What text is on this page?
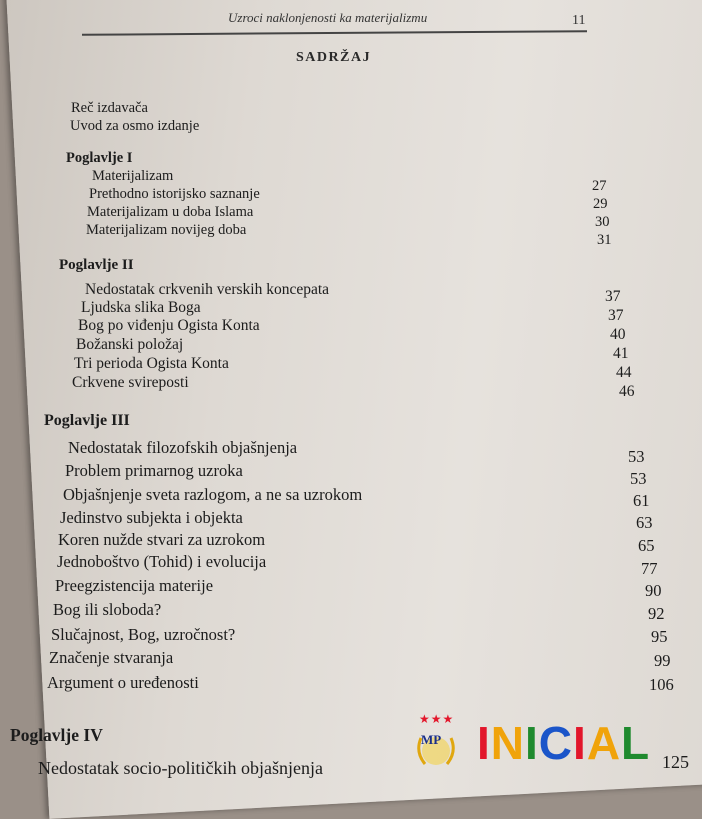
Uzroci naklonjenosti ka materijalizmu	11
SADRŽAJ
Reč izdavača
Uvod za osmo izdanje
Poglavlje I
Materijalizam
Prethodno istorijsko saznanje
Materijalizam u doba Islama
Materijalizam novijeg doba
27
29
30
31
Poglavlje II
Nedostatak crkvenih verskih koncepata
Ljudska slika Boga
Bog po viđenju Ogista Konta
Božanski položaj
Tri perioda Ogista Konta
Crkvene svireposti
37
37
40
41
44
46
Poglavlje III
Nedostatak filozofskih objašnjenja
Problem primarnog uzroka
Objašnjenje sveta razlogom, a ne sa uzrokom
Jedinstvo subjekta i objekta
Koren nužde stvari za uzrokom
Jednoboštvo (Tohid) i evolucija
Preegzistencija materije
Bog ili sloboda?
Slučajnost, Bog, uzročnost?
Značenje stvaranja
Argument o uređenosti
53
53
61
63
65
77
90
92
95
99
106
Poglavlje IV
Nedostatak socio-političkih objašnjenja	125
★★★
MP INICIAL
